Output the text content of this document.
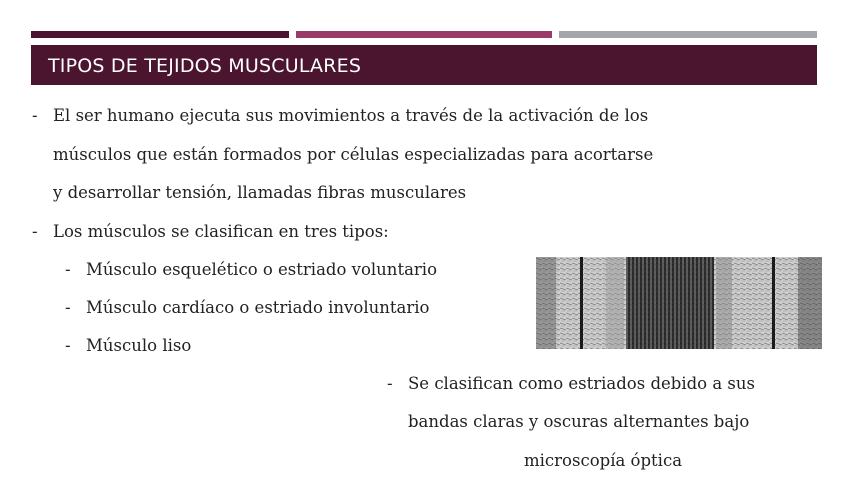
TIPOS DE TEJIDOS MUSCULARES
- El ser humano ejecuta sus movimientos a través de la activación de los
músculos que están formados por células especializadas para acortarse
y desarrollar tensión, llamadas fibras musculares
- Los músculos se clasifican en tres tipos:
- Músculo esquelético o estriado voluntario
- Músculo cardíaco o estriado involuntario
- Músculo liso
- Se clasifican como estriados debido a sus
bandas claras y oscuras alternantes bajo
microscopía óptica
